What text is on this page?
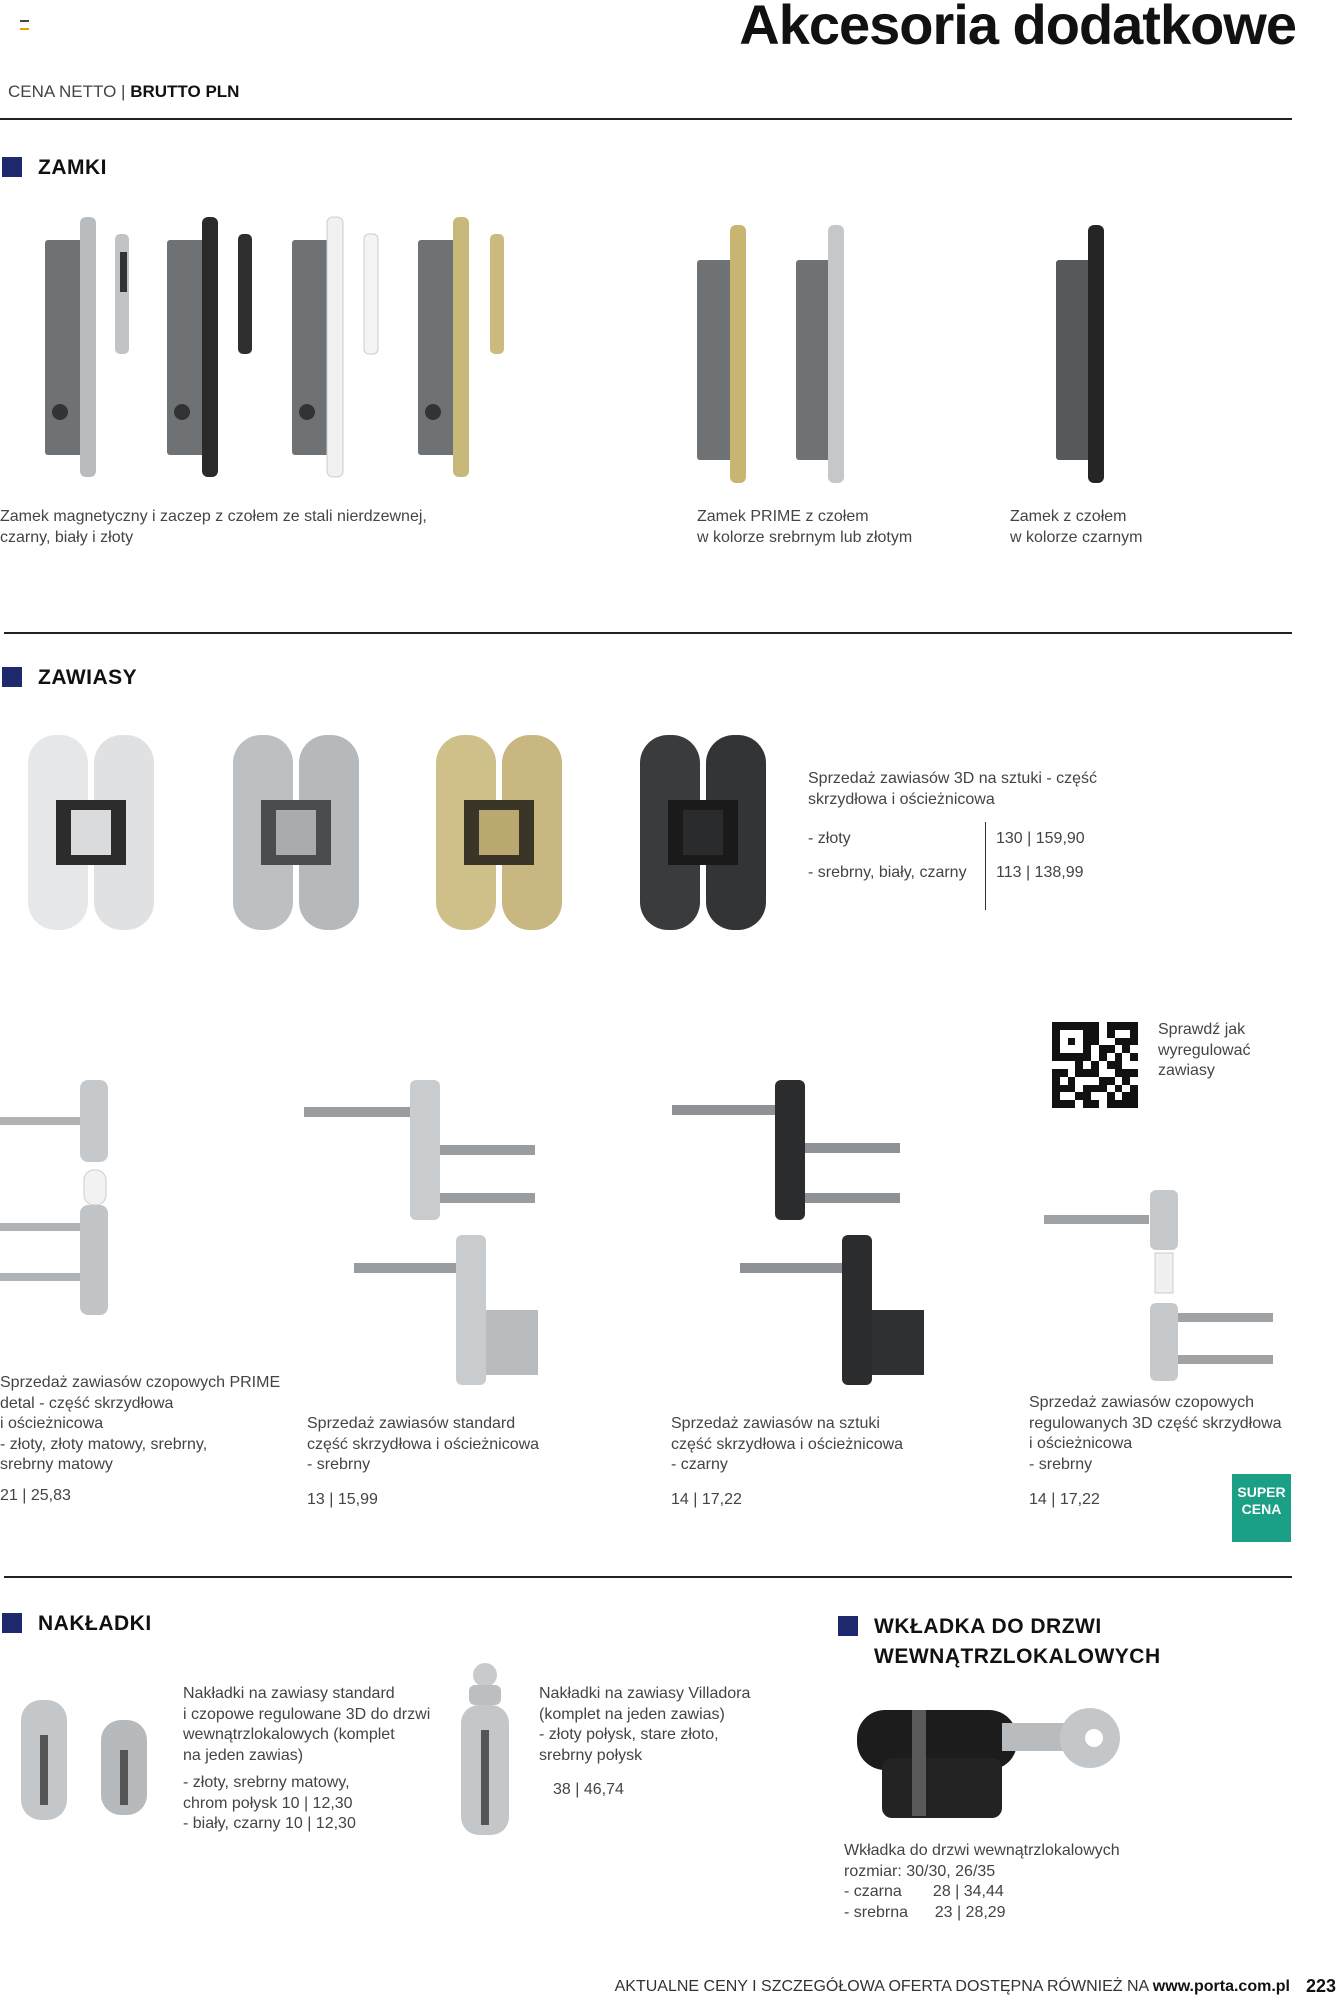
Akcesoria dodatkowe
CENA NETTO | BRUTTO PLN
ZAMKI
Zamek magnetyczny i zaczep z czołem ze stali nierdzewnej,
czarny, biały i złoty
Zamek PRIME z czołem
w kolorze srebrnym lub złotym
Zamek z czołem
w kolorze czarnym
ZAWIASY
Sprzedaż zawiasów 3D na sztuki - część
skrzydłowa i ościeżnicowa
- złoty	130 | 159,90
- srebrny, biały, czarny 113 | 138,99
Sprawdź jak
wyregulować
zawiasy
Sprzedaż zawiasów czopowych PRIME
detal - część skrzydłowa
i ościeżnicowa
- złoty, złoty matowy, srebrny,
srebrny matowy
21 | 25,83
Sprzedaż zawiasów standard
część skrzydłowa i ościeżnicowa
- srebrny
13 | 15,99
Sprzedaż zawiasów na sztuki
część skrzydłowa i ościeżnicowa
- czarny
14 | 17,22
Sprzedaż zawiasów czopowych
regulowanych 3D część skrzydłowa
i ościeżnicowa
- srebrny
14 | 17,22	SUPER
CENA
NAKŁADKI
Nakładki na zawiasy standard
i czopowe regulowane 3D do drzwi
wewnątrzlokalowych (komplet
na jeden zawias)
- złoty, srebrny matowy,
chrom połysk 10 | 12,30
- biały, czarny 10 | 12,30
Nakładki na zawiasy Villadora
(komplet na jeden zawias)
- złoty połysk, stare złoto,
srebrny połysk
38 | 46,74
WKŁADKA DO DRZWI
WEWNĄTRZLOKALOWYCH
Wkładka do drzwi wewnątrzlokalowych
rozmiar: 30/30, 26/35
- czarna       28 | 34,44
- srebrna      23 | 28,29
AKTUALNE CENY I SZCZEGÓŁOWA OFERTA DOSTĘPNA RÓWNIEŻ NA www.porta.com.pl 223
